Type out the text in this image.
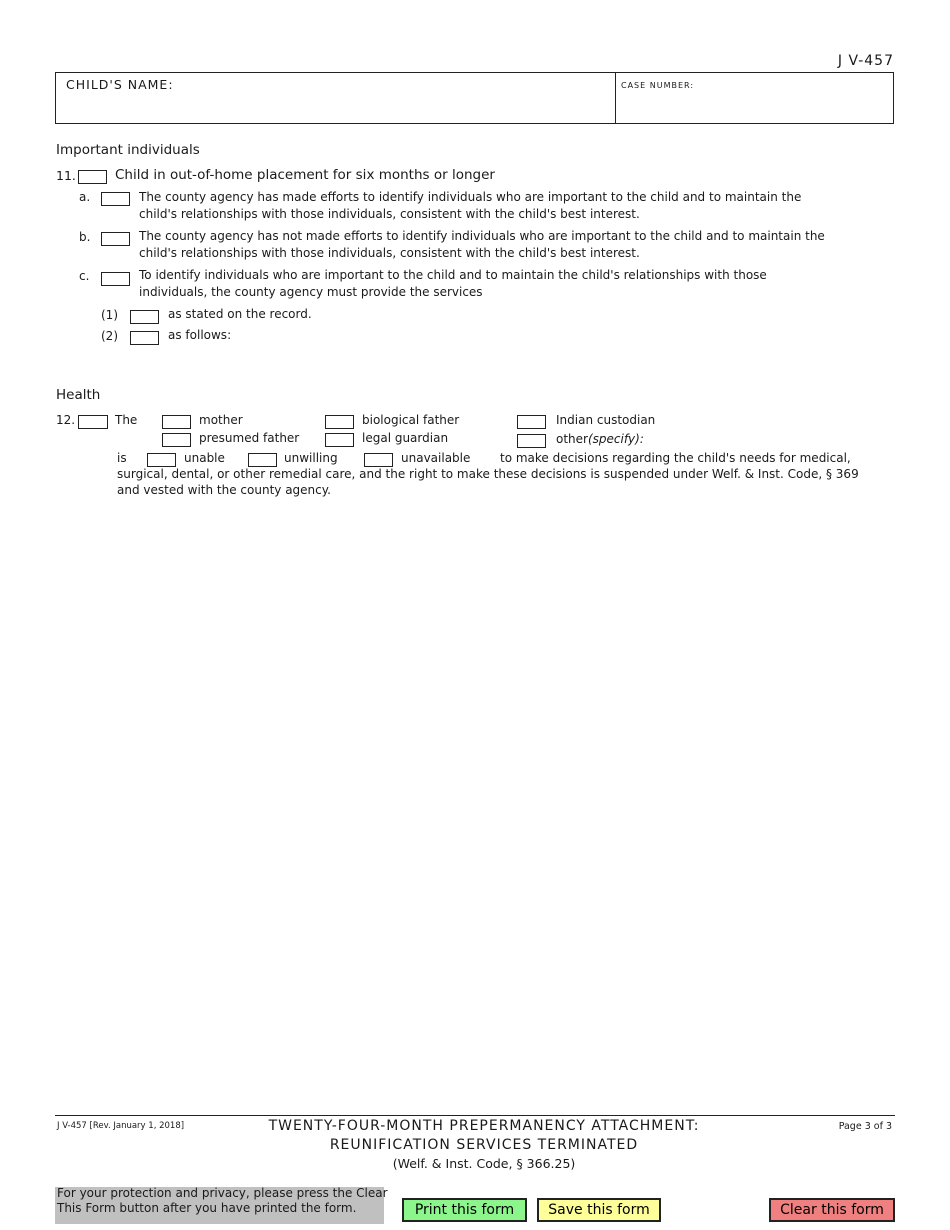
J V-457
CHILD'S NAME:	CASE NUMBER:
Important individuals
11.	Child in out-of-home placement for six months or longer
a.	The county agency has made efforts to identify individuals who are important to the child and to maintain the
child's relationships with those individuals, consistent with the child's best interest.
b.	The county agency has not made efforts to identify individuals who are important to the child and to maintain the
child's relationships with those individuals, consistent with the child's best interest.
c.	To identify individuals who are important to the child and to maintain the child's relationships with those
individuals, the county agency must provide the services
(1)	as stated on the record.
(2)	as follows:
Health
12.	The	mother	biological father	Indian custodian
presumed father	legal guardian	other(specify):
is	unable	unwilling	unavailable to make decisions regarding the child's needs for medical,
surgical, dental, or other remedial care, and the right to make these decisions is suspended under Welf. & Inst. Code, § 369
and vested with the county agency.
J V-457 [Rev. January 1, 2018]	Page 3 of 3
TWENTY-FOUR-MONTH PREPERMANENCY ATTACHMENT:
REUNIFICATION SERVICES TERMINATED
(Welf. & Inst. Code, § 366.25)
For your protection and privacy, please press the Clear
This Form button after you have printed the form.	Print this form	Save this form	Clear this form
